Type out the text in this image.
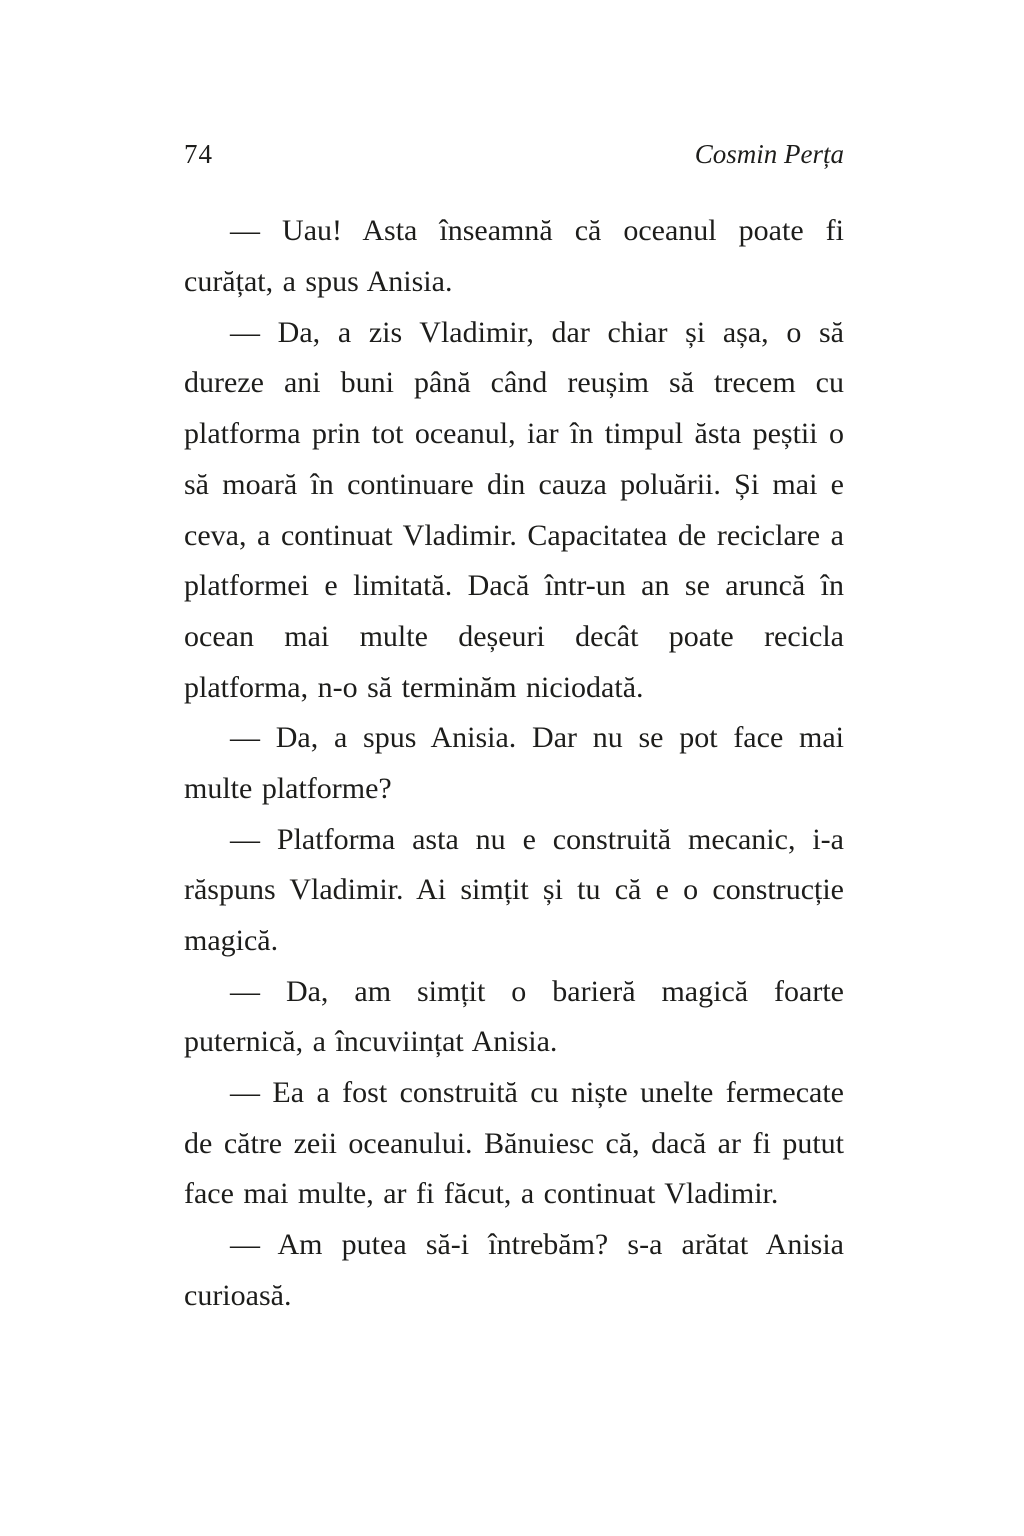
74	Cosmin Perța

— Uau! Asta înseamnă că oceanul poate fi curățat, a spus Anisia.

— Da, a zis Vladimir, dar chiar și așa, o să dureze ani buni până când reușim să trecem cu platforma prin tot oceanul, iar în timpul ăsta peștii o să moară în continuare din cauza poluării. Și mai e ceva, a continuat Vladimir. Capacitatea de reciclare a platformei e limitată. Dacă într-un an se aruncă în ocean mai multe deșeuri decât poate recicla platforma, n-o să terminăm niciodată.

— Da, a spus Anisia. Dar nu se pot face mai multe platforme?

— Platforma asta nu e construită mecanic, i-a răspuns Vladimir. Ai simțit și tu că e o construcție magică.

— Da, am simțit o barieră magică foarte puternică, a încuviințat Anisia.

— Ea a fost construită cu niște unelte fermecate de către zeii oceanului. Bănuiesc că, dacă ar fi putut face mai multe, ar fi făcut, a continuat Vladimir.

— Am putea să-i întrebăm? s-a arătat Anisia curioasă.
